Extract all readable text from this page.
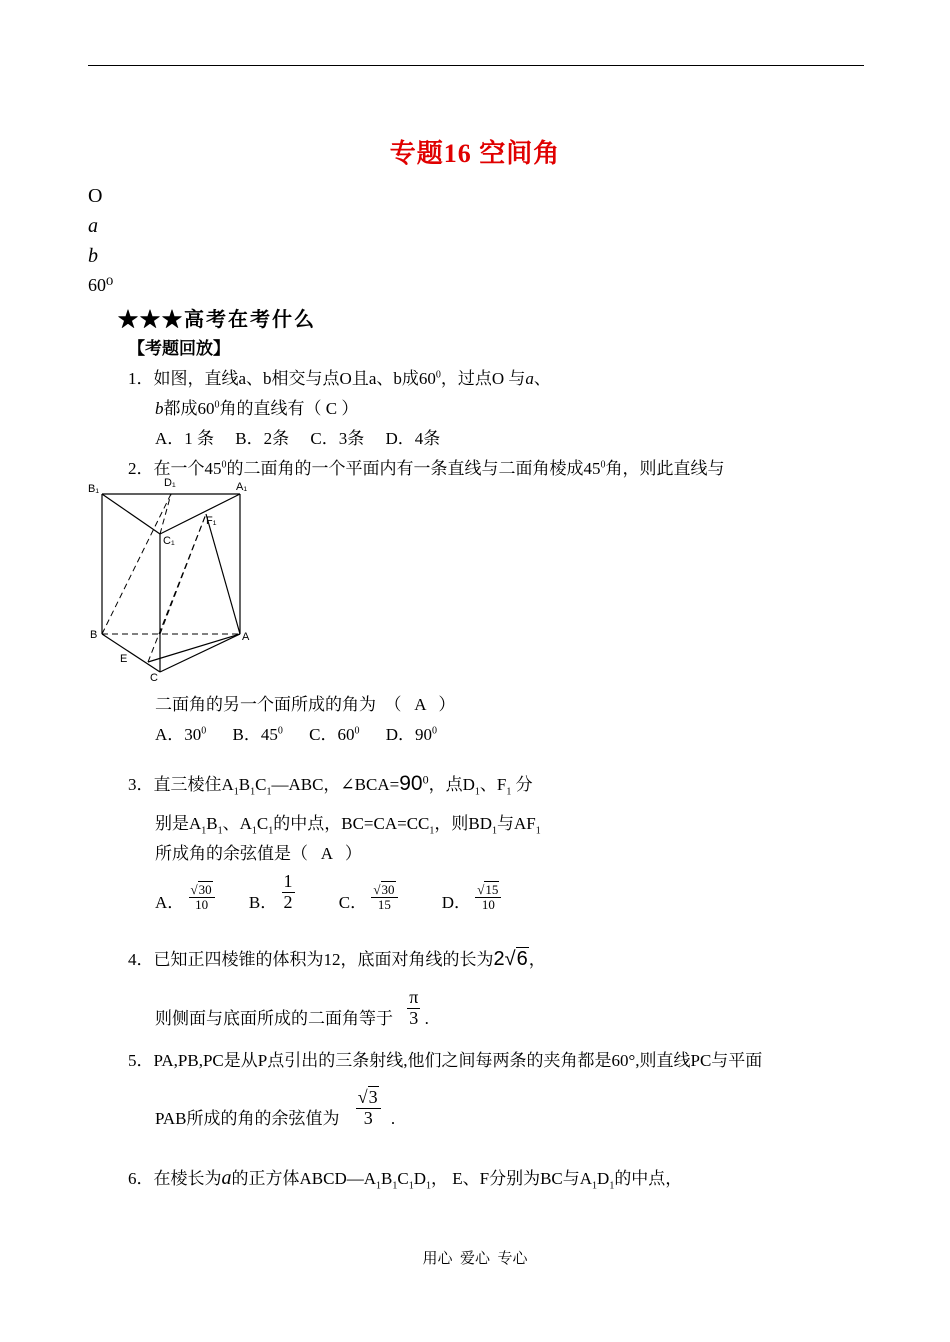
专题16 空间角
O
a
b
60⁰
★★★高考在考什么
【考题回放】
1．如图，直线a、b相交与点O且a、b成$60^0$，过点O 与a、
b都成$60^0$角的直线有（ C ）
A．1 条     B．2条     C．3条     D．4条
2．在一个$45^0$的二面角的一个平面内有一条直线与二面角棱成$45^0$角，则此直线与
B₁	D₁	A₁
F₁
C₁
B	A
E
C
二面角的另一个面所成的角为  （   A   ）
A．$30^0$ B．$45^0$ C．$60^0$ D．$90^0$
3．直三棱住$A_1B_1C_1—ABC$，$\angle BCA=90^0$，点$D_1$、$F_1$ 分
别是$A_1B_1$、$A_1C_1$的中点，$BC=CA=CC_1$，则$BD_1$与$AF_1$
所成角的余弦值是（   A   ）
A． $\frac{√30}{10}$ B． $\frac{1}{2}$	C． $\frac{√30}{15}$	D． $\frac{√15}{10}$
4．已知正四棱锥的体积为12，底面对角线的长为2√6，
则侧面与底面所成的二面角等于 $\frac{\pi}{3}$ .
5．PA,PB,PC是从P点引出的三条射线,他们之间每两条的夹角都是60°,则直线PC与平面
PAB所成的角的余弦值为 $\frac{√3}{3}$ .
6．在棱长为a的正方体$ABCD—A_1B_1C_1D_1$， E、F分别为BC与$A_1D_1$的中点，
用心  爱心  专心
